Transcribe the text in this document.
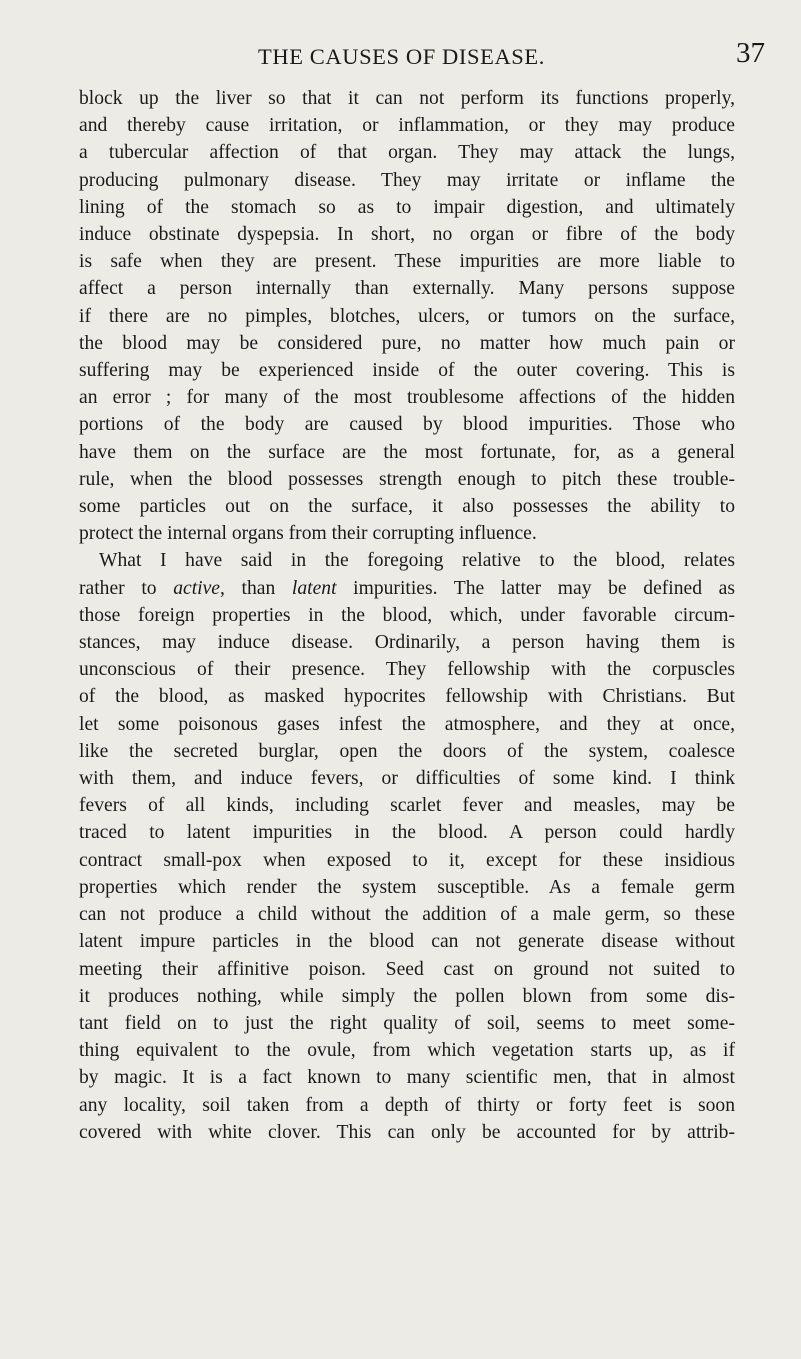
THE CAUSES OF DISEASE.	37

block up the liver so that it can not perform its functions properly,
and thereby cause irritation, or inflammation, or they may produce
a tubercular affection of that organ. They may attack the lungs,
producing pulmonary disease. They may irritate or inflame the
lining of the stomach so as to impair digestion, and ultimately
induce obstinate dyspepsia. In short, no organ or fibre of the body
is safe when they are present. These impurities are more liable to
affect a person internally than externally. Many persons suppose
if there are no pimples, blotches, ulcers, or tumors on the surface,
the blood may be considered pure, no matter how much pain or
suffering may be experienced inside of the outer covering. This is
an error ; for many of the most troublesome affections of the hidden
portions of the body are caused by blood impurities. Those who
have them on the surface are the most fortunate, for, as a general
rule, when the blood possesses strength enough to pitch these trouble-
some particles out on the surface, it also possesses the ability to
protect the internal organs from their corrupting influence.

What I have said in the foregoing relative to the blood, relates
rather to active, than latent impurities. The latter may be defined as
those foreign properties in the blood, which, under favorable circum-
stances, may induce disease. Ordinarily, a person having them is
unconscious of their presence. They fellowship with the corpuscles
of the blood, as masked hypocrites fellowship with Christians. But
let some poisonous gases infest the atmosphere, and they at once,
like the secreted burglar, open the doors of the system, coalesce
with them, and induce fevers, or difficulties of some kind. I think
fevers of all kinds, including scarlet fever and measles, may be
traced to latent impurities in the blood. A person could hardly
contract small-pox when exposed to it, except for these insidious
properties which render the system susceptible. As a female germ
can not produce a child without the addition of a male germ, so these
latent impure particles in the blood can not generate disease without
meeting their affinitive poison. Seed cast on ground not suited to
it produces nothing, while simply the pollen blown from some dis-
tant field on to just the right quality of soil, seems to meet some-
thing equivalent to the ovule, from which vegetation starts up, as if
by magic. It is a fact known to many scientific men, that in almost
any locality, soil taken from a depth of thirty or forty feet is soon
covered with white clover. This can only be accounted for by attrib-
